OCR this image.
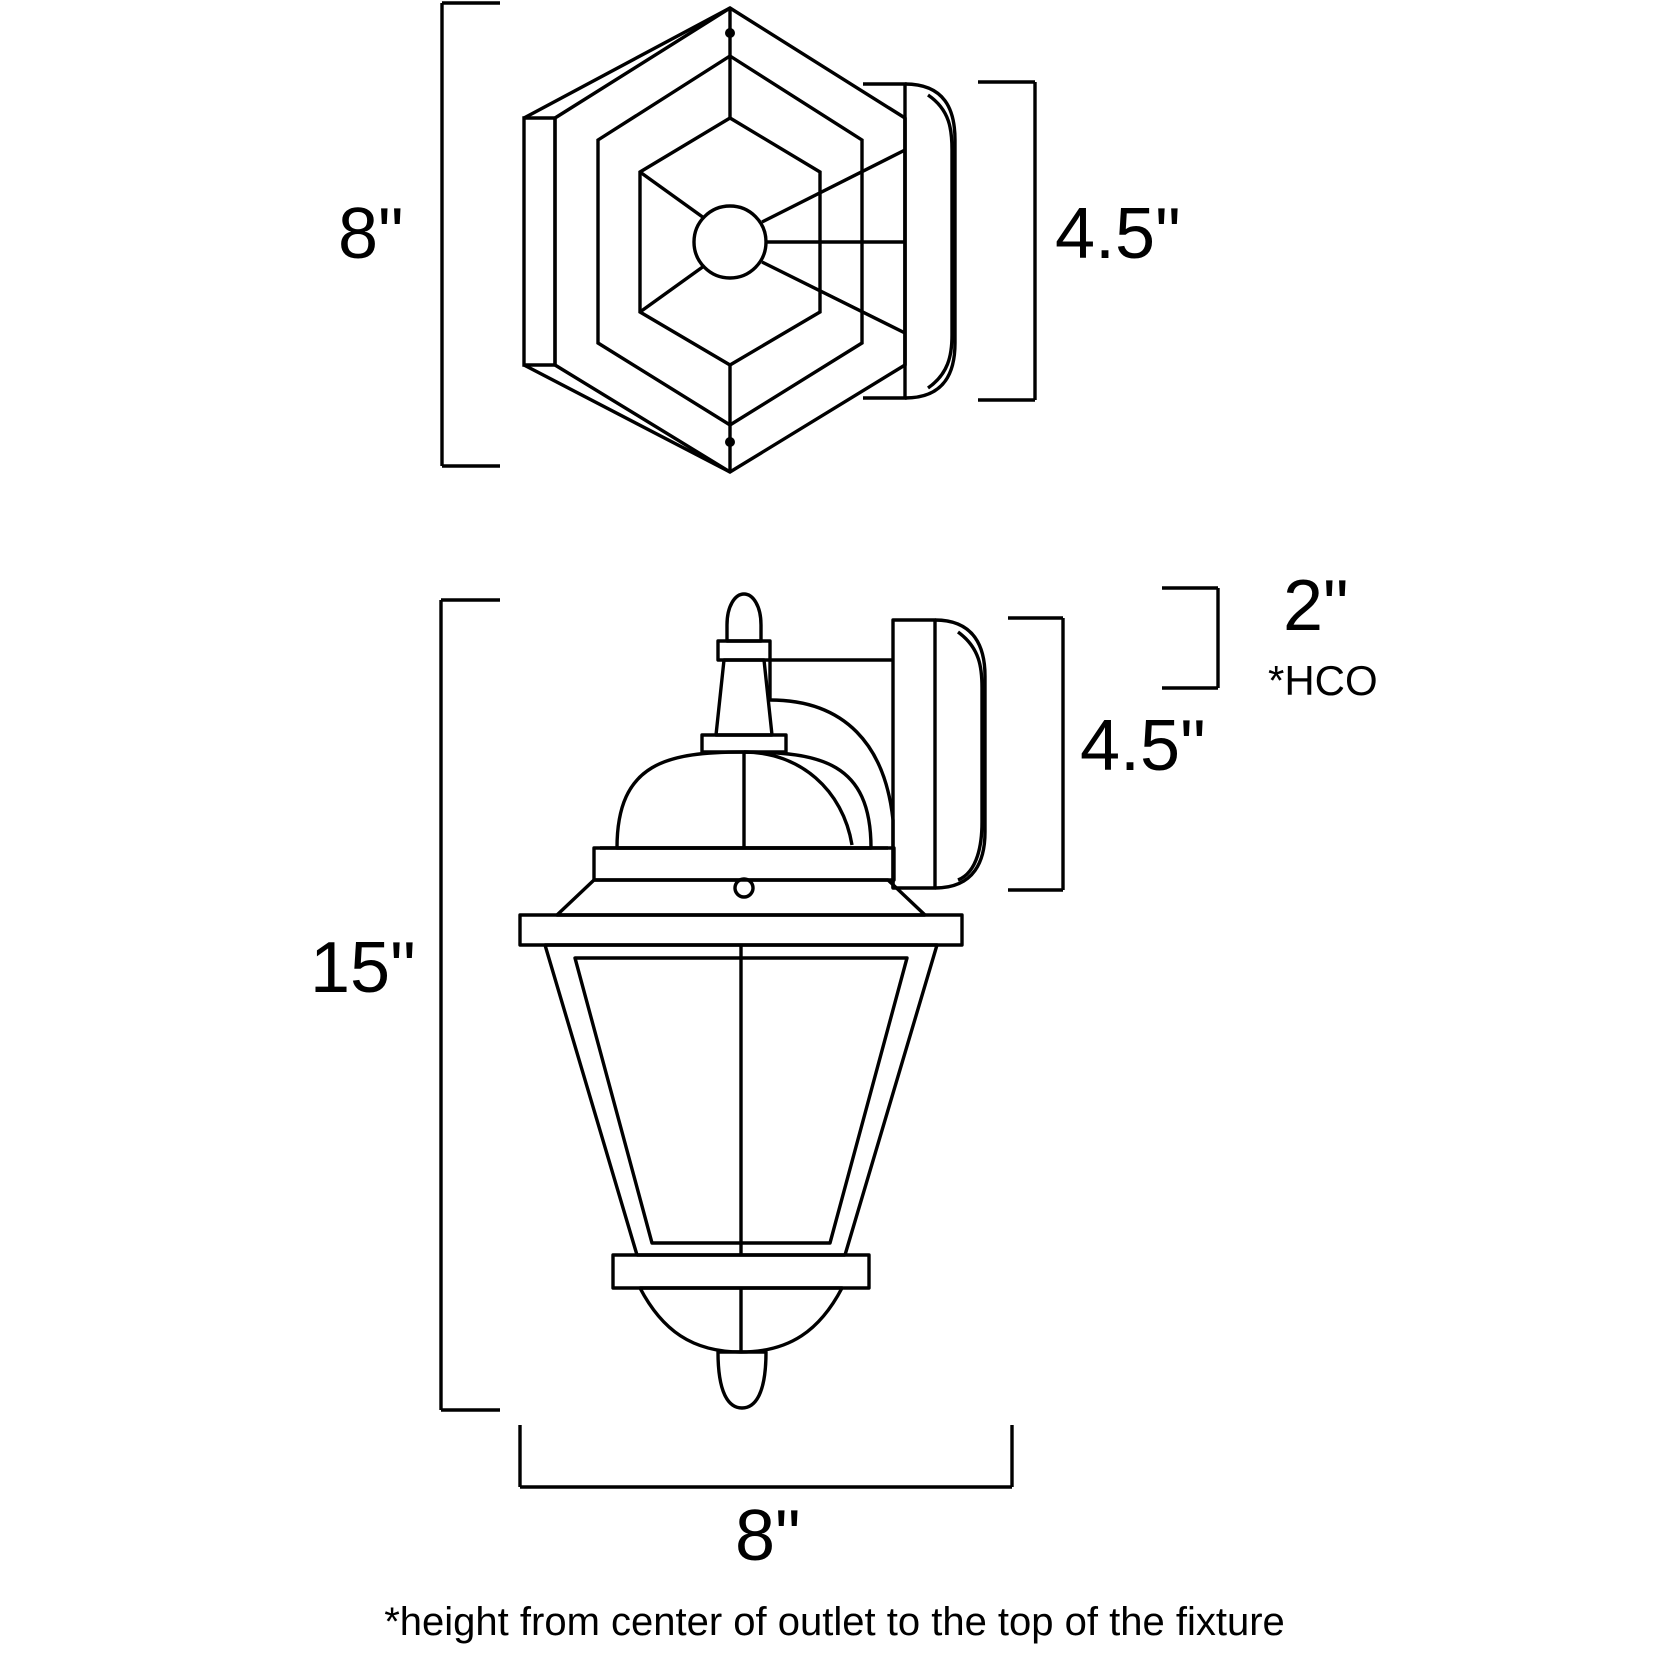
8"	4.5"
15"
8"
2"
*HCO
4.5"
*height from center of outlet to the top of the fixture
